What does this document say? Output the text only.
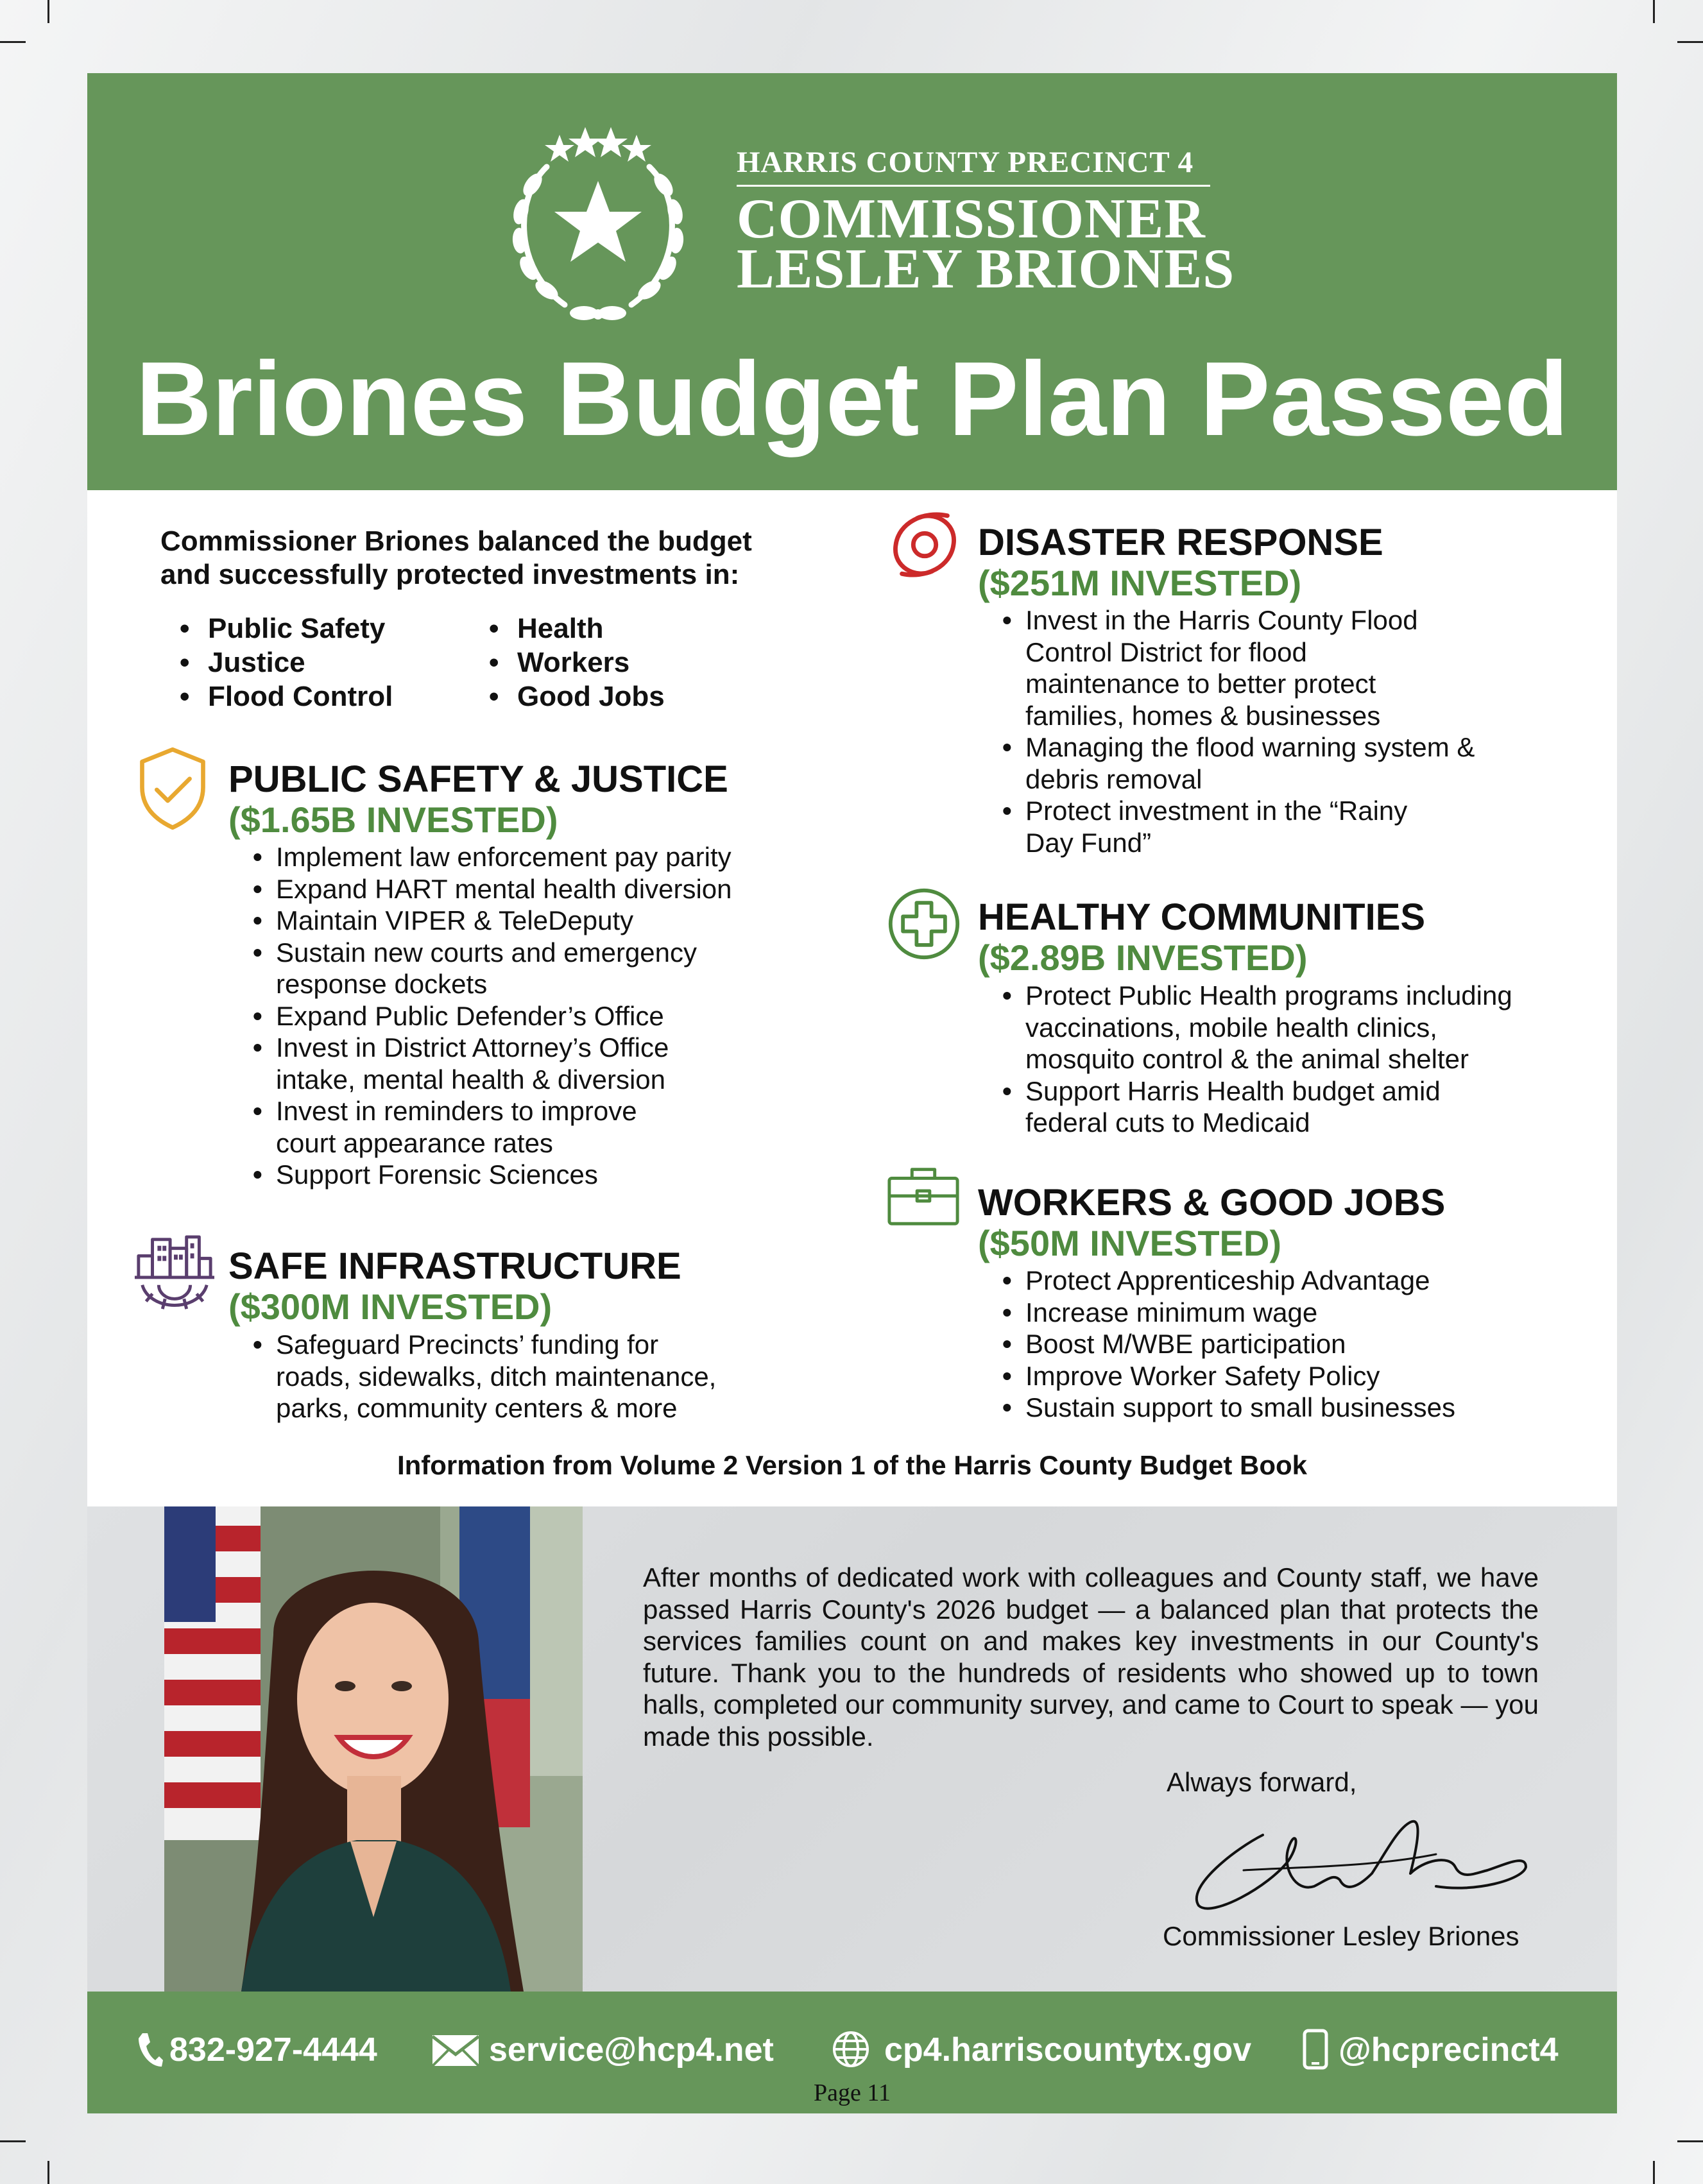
HARRIS COUNTY PRECINCT 4
COMMISSIONER
LESLEY BRIONES
Briones Budget Plan Passed
Commissioner Briones balanced the budget and successfully protected investments in:
• Public Safety
• Justice
• Flood Control
• Health
• Workers
• Good Jobs
PUBLIC SAFETY & JUSTICE
($1.65B INVESTED)
• Implement law enforcement pay parity
• Expand HART mental health diversion
• Maintain VIPER & TeleDeputy
• Sustain new courts and emergency response dockets
• Expand Public Defender’s Office
• Invest in District Attorney’s Office intake, mental health & diversion
• Invest in reminders to improve court appearance rates
• Support Forensic Sciences
SAFE INFRASTRUCTURE
($300M INVESTED)
• Safeguard Precincts’ funding for roads, sidewalks, ditch maintenance, parks, community centers & more
DISASTER RESPONSE
($251M INVESTED)
• Invest in the Harris County Flood Control District for flood maintenance to better protect families, homes & businesses
• Managing the flood warning system & debris removal
• Protect investment in the “Rainy Day Fund”
HEALTHY COMMUNITIES
($2.89B INVESTED)
• Protect Public Health programs including vaccinations, mobile health clinics, mosquito control & the animal shelter
• Support Harris Health budget amid federal cuts to Medicaid
WORKERS & GOOD JOBS
($50M INVESTED)
• Protect Apprenticeship Advantage
• Increase minimum wage
• Boost M/WBE participation
• Improve Worker Safety Policy
• Sustain support to small businesses
Information from Volume 2 Version 1 of the Harris County Budget Book
After months of dedicated work with colleagues and County staff, we have passed Harris County's 2026 budget — a balanced plan that protects the services families count on and makes key investments in our County's future. Thank you to the hundreds of residents who showed up to town halls, completed our community survey, and came to Court to speak — you made this possible.
Always forward,
Commissioner Lesley Briones
832-927-4444	service@hcp4.net	cp4.harriscountytx.gov	@hcprecinct4
Page 11
